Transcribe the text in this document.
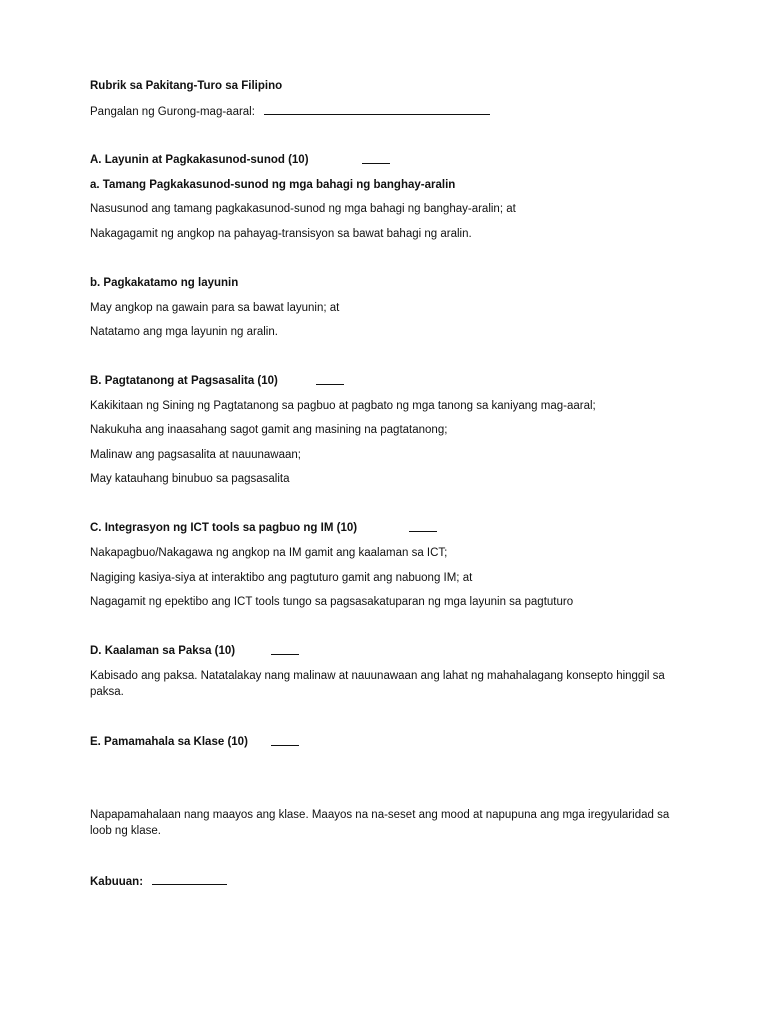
Rubrik sa Pakitang-Turo sa Filipino
Pangalan ng Gurong-mag-aaral:
A. Layunin at Pagkakasunod-sunod (10)
a. Tamang Pagkakasunod-sunod ng mga bahagi ng banghay-aralin
Nasusunod ang tamang pagkakasunod-sunod ng mga bahagi ng banghay-aralin; at
Nakagagamit ng angkop na pahayag-transisyon sa bawat bahagi ng aralin.
b. Pagkakatamo ng layunin
May angkop na gawain para sa bawat layunin; at
Natatamo ang mga layunin ng aralin.
B. Pagtatanong at Pagsasalita (10)
Kakikitaan ng Sining ng Pagtatanong sa pagbuo at pagbato ng mga tanong sa kaniyang mag-aaral;
Nakukuha ang inaasahang sagot gamit ang masining na pagtatanong;
Malinaw ang pagsasalita at nauunawaan;
May katauhang binubuo sa pagsasalita
C. Integrasyon ng ICT tools sa pagbuo ng IM (10)
Nakapagbuo/Nakagawa ng angkop na IM gamit ang kaalaman sa ICT;
Nagiging kasiya-siya at interaktibo ang pagtuturo gamit ang nabuong IM; at
Nagagamit ng epektibo ang ICT tools tungo sa pagsasakatuparan ng mga layunin sa pagtuturo
D. Kaalaman sa Paksa (10)
Kabisado ang paksa. Natatalakay nang malinaw at nauunawaan ang lahat ng mahahalagang konsepto hinggil sa paksa.
E. Pamamahala sa Klase (10)
Napapamahalaan nang maayos ang klase. Maayos na na-seset ang mood at napupuna ang mga iregyularidad sa loob ng klase.
Kabuuan:
